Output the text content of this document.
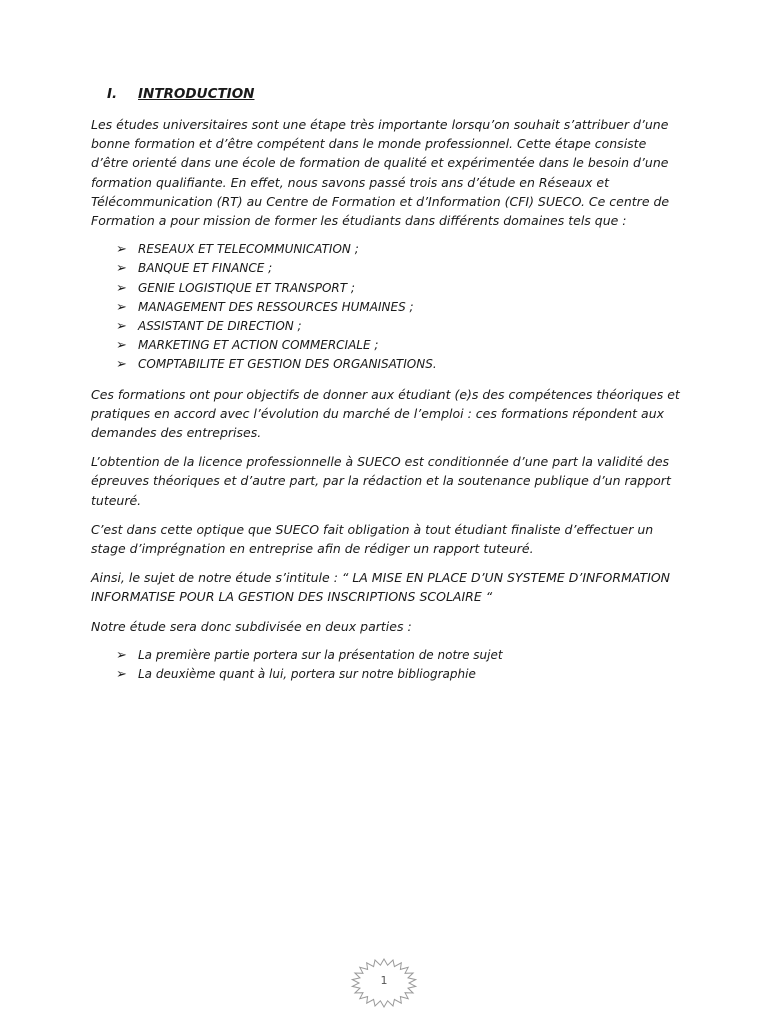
I. INTRODUCTION

Les études universitaires sont une étape très importante lorsqu’on souhait s’attribuer d’une bonne formation et d’être compétent dans le monde professionnel. Cette étape consiste d’être orienté dans une école de formation de qualité et expérimentée dans le besoin d’une formation qualifiante. En effet, nous savons passé trois ans d’étude en Réseaux et Télécommunication (RT) au Centre de Formation et d’Information (CFI) SUECO. Ce centre de Formation a pour mission de former les étudiants dans différents domaines tels que :

➢ RESEAUX ET TELECOMMUNICATION ;
➢ BANQUE ET FINANCE ;
➢ GENIE LOGISTIQUE ET TRANSPORT ;
➢ MANAGEMENT DES RESSOURCES HUMAINES ;
➢ ASSISTANT DE DIRECTION ;
➢ MARKETING ET ACTION COMMERCIALE ;
➢ COMPTABILITE ET GESTION DES ORGANISATIONS.

Ces formations ont pour objectifs de donner aux étudiant (e)s des compétences théoriques et pratiques en accord avec l’évolution du marché de l’emploi : ces formations répondent aux demandes des entreprises.

L’obtention de la licence professionnelle à SUECO est conditionnée d’une part la validité des épreuves théoriques et d’autre part, par la rédaction et la soutenance publique d’un rapport tuteuré.

C’est dans cette optique que SUECO fait obligation à tout étudiant finaliste d’effectuer un stage d’imprégnation en entreprise afin de rédiger un rapport tuteuré.

Ainsi, le sujet de notre étude s’intitule : “ LA MISE EN PLACE D’UN SYSTEME D’INFORMATION INFORMATISE POUR LA GESTION DES INSCRIPTIONS SCOLAIRE “

Notre étude sera donc subdivisée en deux parties :

➢ La première partie portera sur la présentation de notre sujet
➢ La deuxième quant à lui, portera sur notre bibliographie
1
